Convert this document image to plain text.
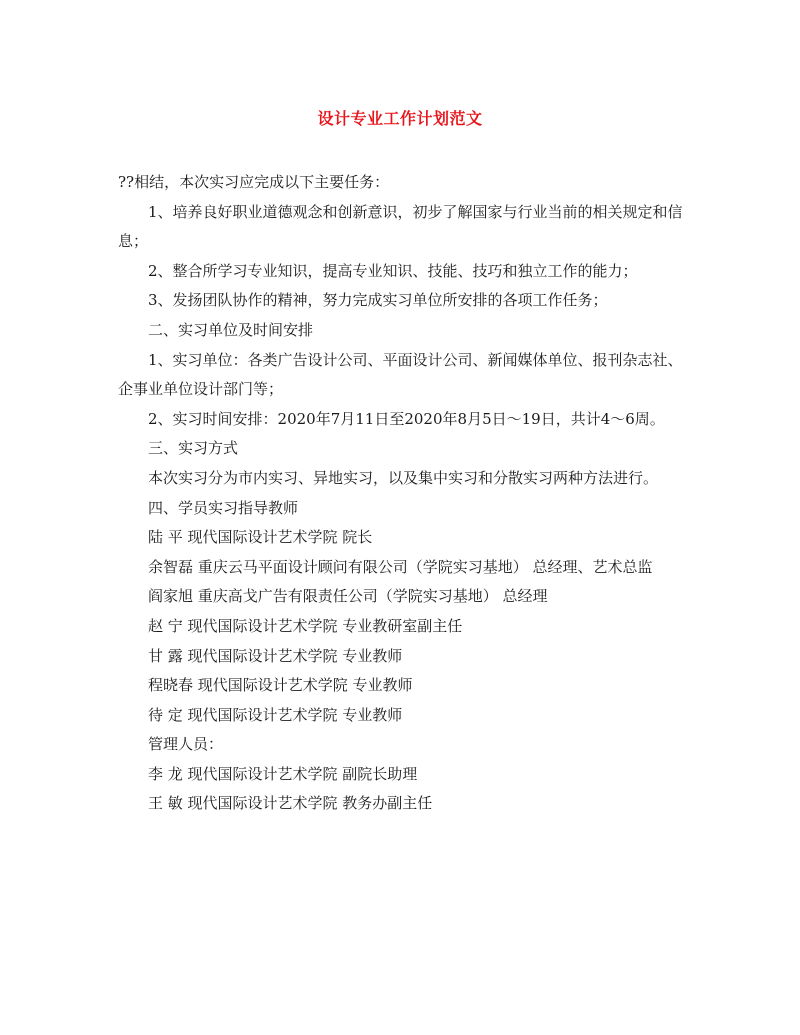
设计专业工作计划范文

??相结，本次实习应完成以下主要任务：

1、培养良好职业道德观念和创新意识，初步了解国家与行业当前的相关规定和信息；

2、整合所学习专业知识，提高专业知识、技能、技巧和独立工作的能力；

3、发扬团队协作的精神，努力完成实习单位所安排的各项工作任务；

二、实习单位及时间安排

1、实习单位：各类广告设计公司、平面设计公司、新闻媒体单位、报刊杂志社、企事业单位设计部门等；

2、实习时间安排：2020年7月11日至2020年8月5日～19日，共计4～6周。

三、实习方式

本次实习分为市内实习、异地实习，以及集中实习和分散实习两种方法进行。

四、学员实习指导教师

陆 平 现代国际设计艺术学院 院长

余智磊 重庆云马平面设计顾问有限公司（学院实习基地） 总经理、艺术总监

阎家旭 重庆高戈广告有限责任公司（学院实习基地） 总经理

赵 宁 现代国际设计艺术学院 专业教研室副主任

甘 露 现代国际设计艺术学院 专业教师

程晓春 现代国际设计艺术学院 专业教师

待 定 现代国际设计艺术学院 专业教师

管理人员：

李 龙 现代国际设计艺术学院 副院长助理

王 敏 现代国际设计艺术学院 教务办副主任
